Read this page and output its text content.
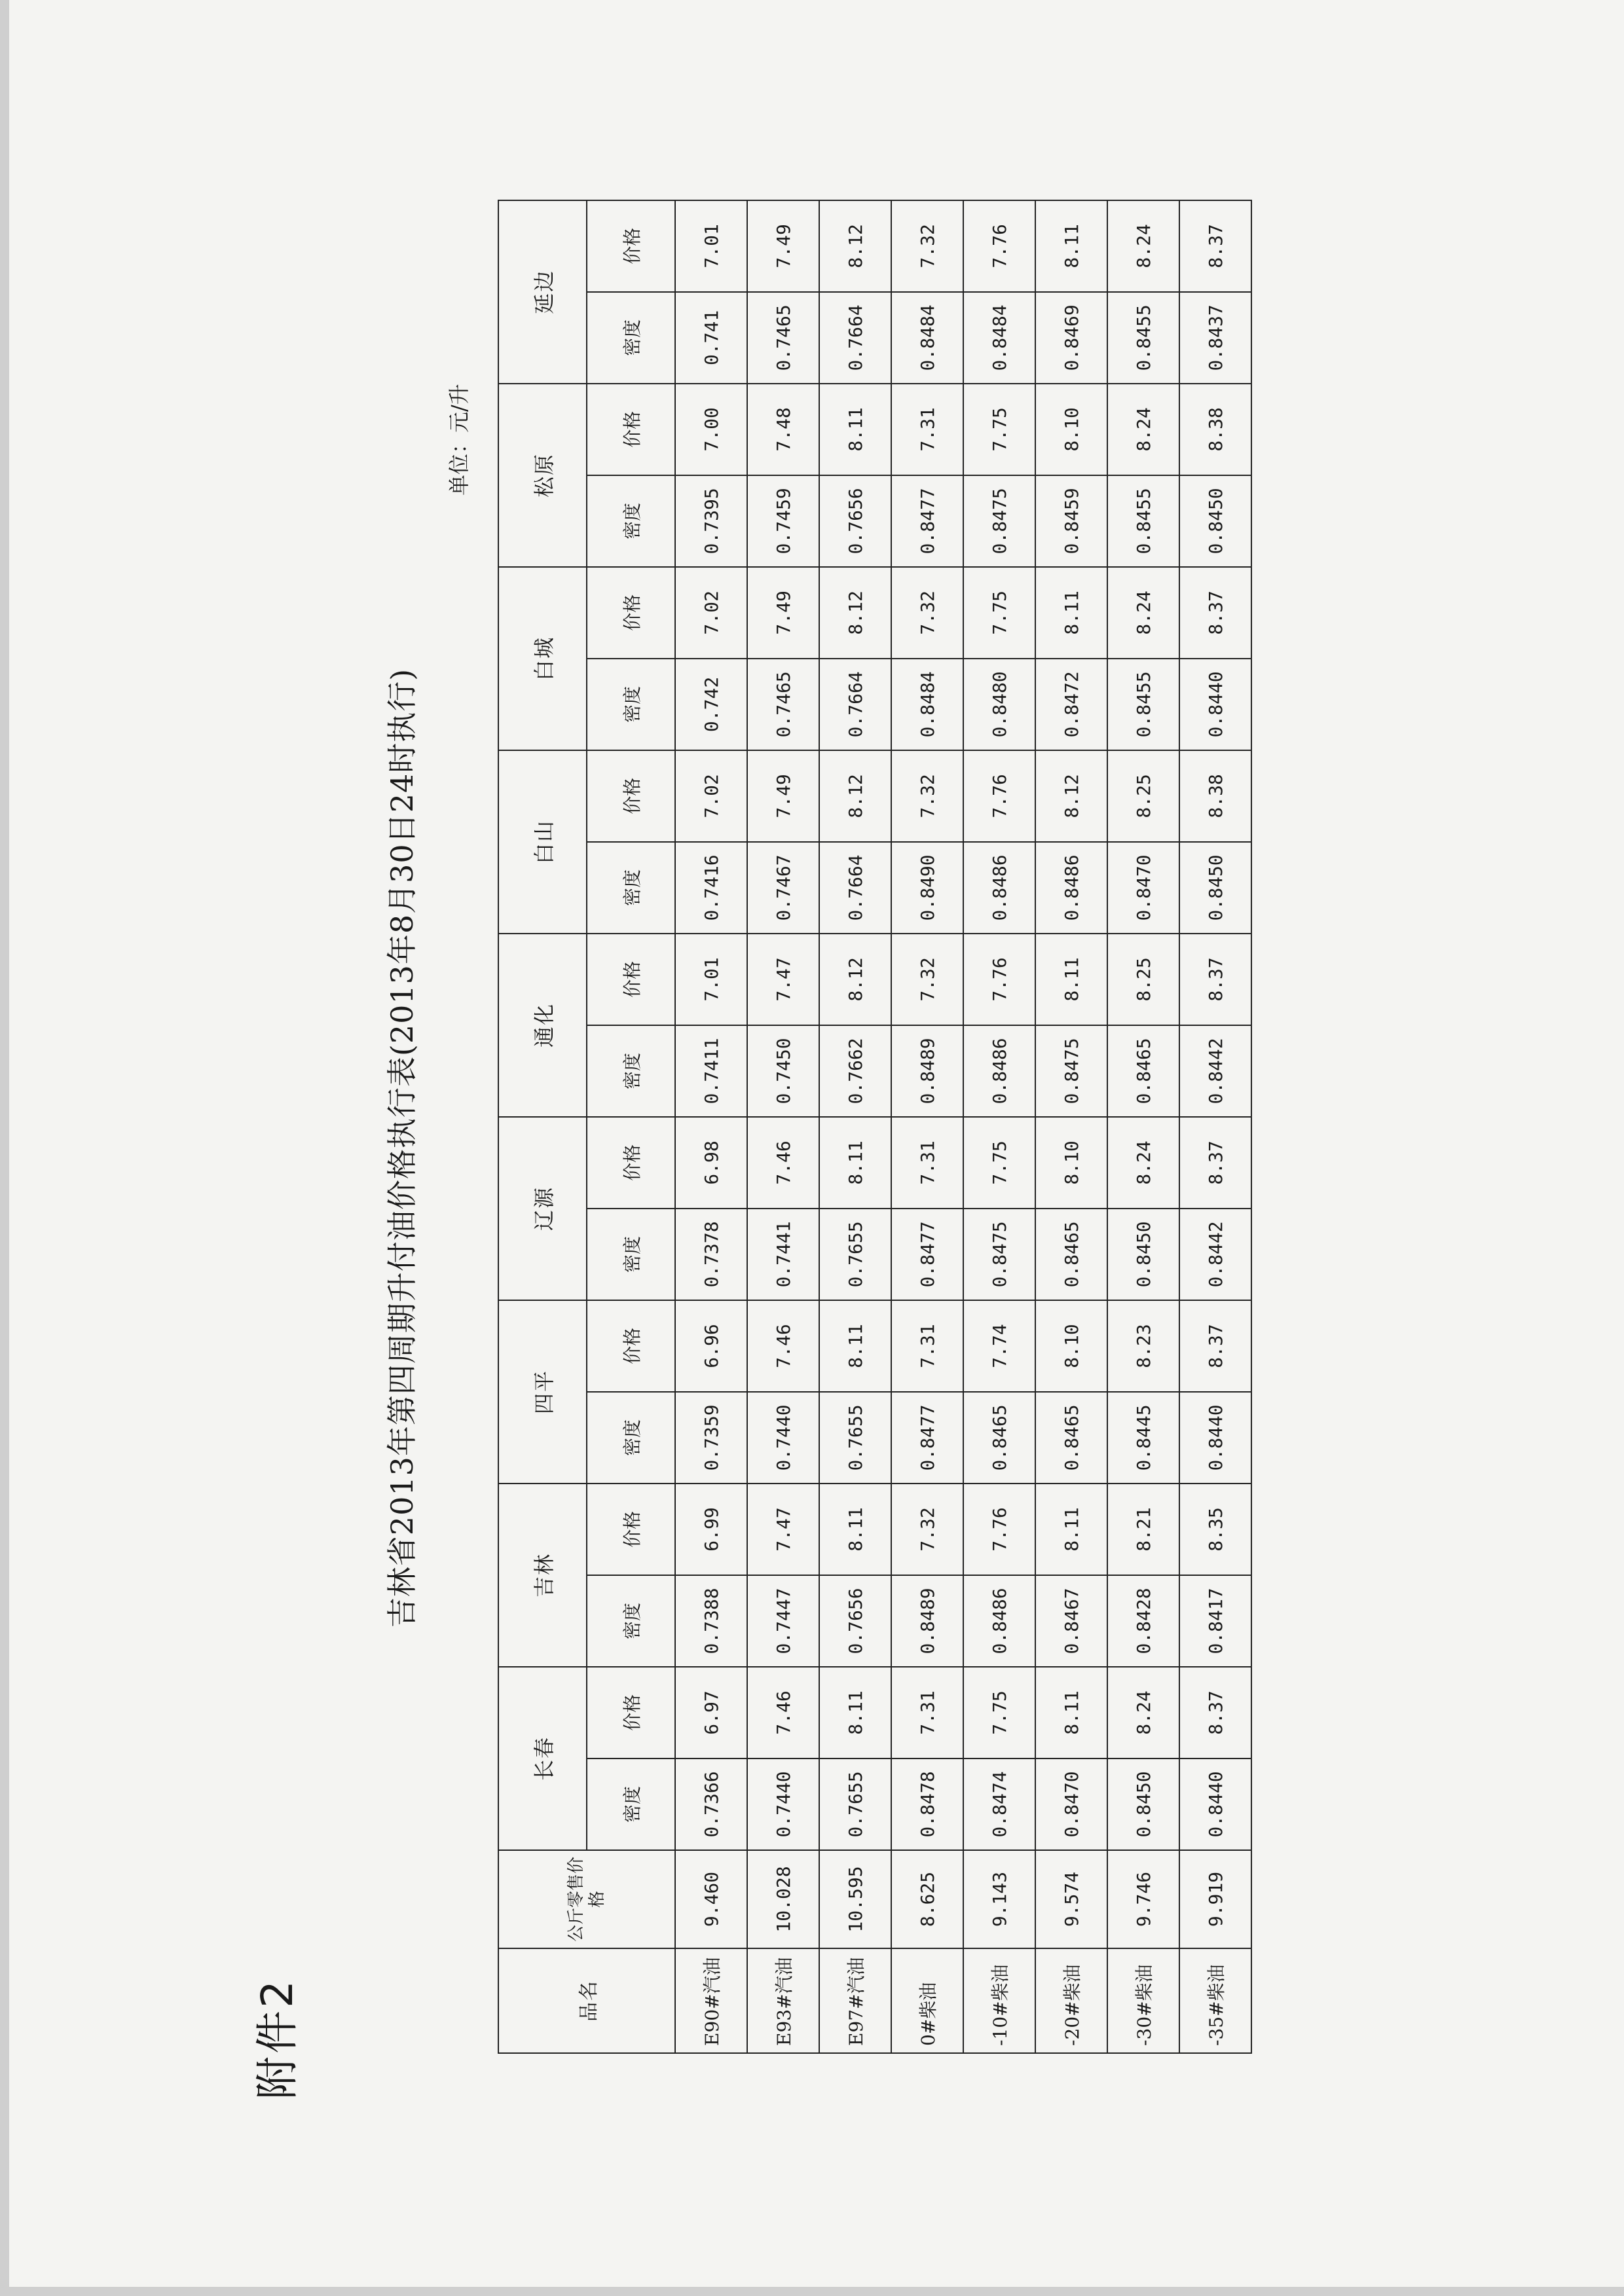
附件2
吉林省2013年第四周期升付油价格执行表(2013年8月30日24时执行)
单位：元/升
品名	公斤零售价格	长春		吉林		四平		辽源		通化		白山		白城		松原		延边	
		密度	价格	密度	价格	密度	价格	密度	价格	密度	价格	密度	价格	密度	价格	密度	价格	密度	价格
E90#汽油	9.460	0.7366	6.97	0.7388	6.99	0.7359	6.96	0.7378	6.98	0.7411	7.01	0.7416	7.02	0.742	7.02	0.7395	7.00	0.741	7.01
E93#汽油	10.028	0.7440	7.46	0.7447	7.47	0.7440	7.46	0.7441	7.46	0.7450	7.47	0.7467	7.49	0.7465	7.49	0.7459	7.48	0.7465	7.49
E97#汽油	10.595	0.7655	8.11	0.7656	8.11	0.7655	8.11	0.7655	8.11	0.7662	8.12	0.7664	8.12	0.7664	8.12	0.7656	8.11	0.7664	8.12
0#柴油	8.625	0.8478	7.31	0.8489	7.32	0.8477	7.31	0.8477	7.31	0.8489	7.32	0.8490	7.32	0.8484	7.32	0.8477	7.31	0.8484	7.32
-10#柴油	9.143	0.8474	7.75	0.8486	7.76	0.8465	7.74	0.8475	7.75	0.8486	7.76	0.8486	7.76	0.8480	7.75	0.8475	7.75	0.8484	7.76
-20#柴油	9.574	0.8470	8.11	0.8467	8.11	0.8465	8.10	0.8465	8.10	0.8475	8.11	0.8486	8.12	0.8472	8.11	0.8459	8.10	0.8469	8.11
-30#柴油	9.746	0.8450	8.24	0.8428	8.21	0.8445	8.23	0.8450	8.24	0.8465	8.25	0.8470	8.25	0.8455	8.24	0.8455	8.24	0.8455	8.24
-35#柴油	9.919	0.8440	8.37	0.8417	8.35	0.8440	8.37	0.8442	8.37	0.8442	8.37	0.8450	8.38	0.8440	8.37	0.8450	8.38	0.8437	8.37
